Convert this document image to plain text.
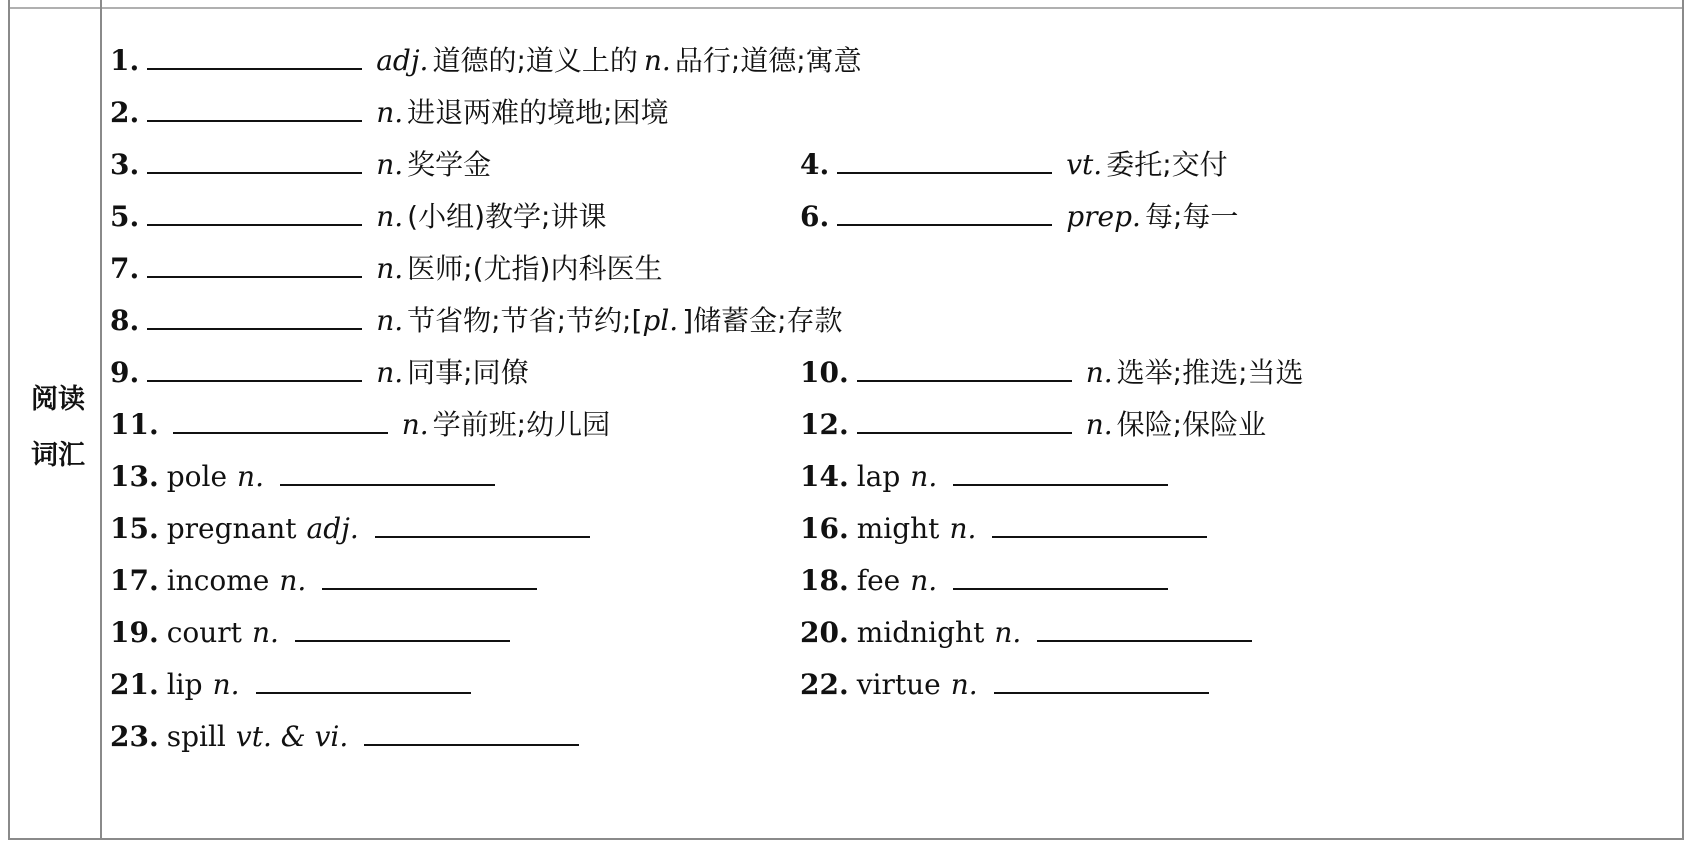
阅读
词汇
1.	adj. 道德的;道义上的 n. 品行;道德;寓意
2.	n. 进退两难的境地;困境
3.	n. 奖学金	4.	vt. 委托;交付
5.	n. (小组)教学;讲课	6.	prep. 每;每一
7.	n. 医师;(尤指)内科医生
8.	n. 节省物;节省;节约;[ pl. ]储蓄金;存款
9.	n. 同事;同僚	10.	n. 选举;推选;当选
11.	n. 学前班;幼儿园	12.	n. 保险;保险业
13. pole n.	14. lap n.
15. pregnant adj.	16. might n.
17. income n.	18. fee n.
19. court n.	20. midnight n.
21. lip n.	22. virtue n.
23. spill vt. & vi.
